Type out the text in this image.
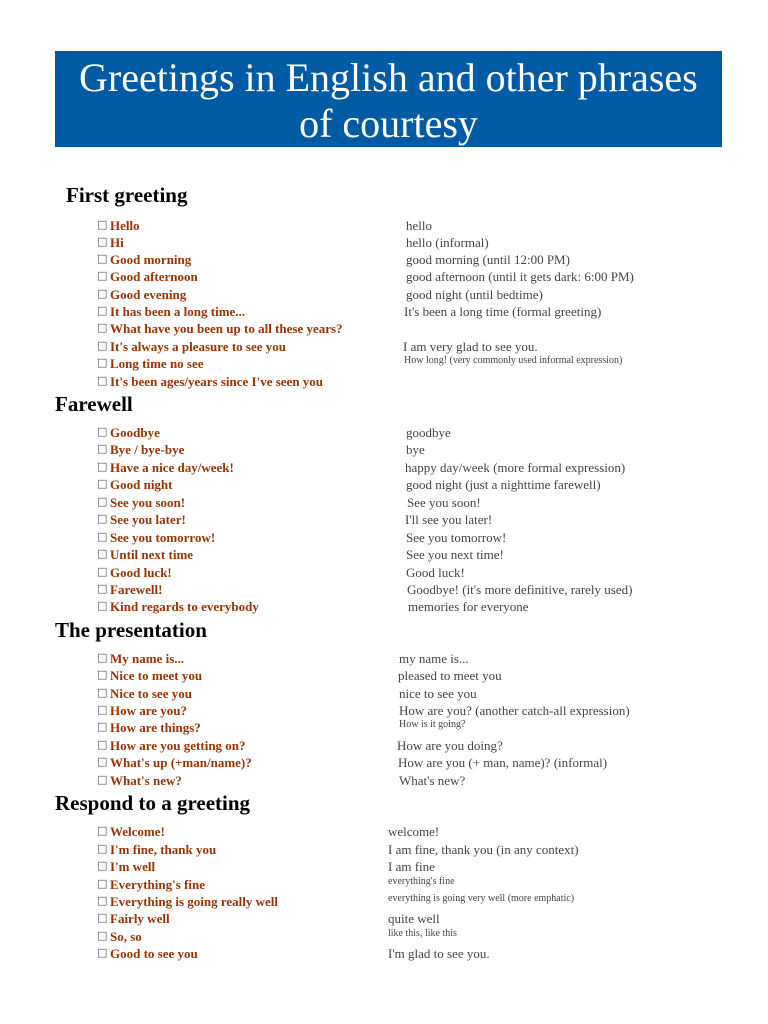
Greetings in English and other phrases
of courtesy
First greeting
□ Hello	hello
□ Hi	hello (informal)
□ Good morning	good morning (until 12:00 PM)
□ Good afternoon	good afternoon (until it gets dark: 6:00 PM)
□ Good evening	good night (until bedtime)
□ It has been a long time...	It's been a long time (formal greeting)
□ What have you been up to all these years?
□ It's always a pleasure to see you	I am very glad to see you.
□ Long time no see	How long! (very commonly used informal expression)
□ It's been ages/years since I've seen you
Farewell
□ Goodbye	goodbye
□ Bye / bye-bye	bye
□ Have a nice day/week!	happy day/week (more formal expression)
□ Good night	good night (just a nighttime farewell)
□ See you soon!	See you soon!
□ See you later!	I'll see you later!
□ See you tomorrow!	See you tomorrow!
□ Until next time	See you next time!
□ Good luck!	Good luck!
□ Farewell!	Goodbye! (it's more definitive, rarely used)
□ Kind regards to everybody	memories for everyone
The presentation
□ My name is...	my name is...
□ Nice to meet you	pleased to meet you
□ Nice to see you	nice to see you
□ How are you?	How are you? (another catch-all expression)
□ How are things?	How is it going?
□ How are you getting on?	How are you doing?
□ What's up (+man/name)?	How are you (+ man, name)? (informal)
□ What's new?	What's new?
Respond to a greeting
□ Welcome!	welcome!
□ I'm fine, thank you	I am fine, thank you (in any context)
□ I'm well	I am fine
□ Everything's fine	everything's fine
□ Everything is going really well	everything is going very well (more emphatic)
□ Fairly well	quite well
□ So, so	like this, like this
□ Good to see you	I'm glad to see you.
